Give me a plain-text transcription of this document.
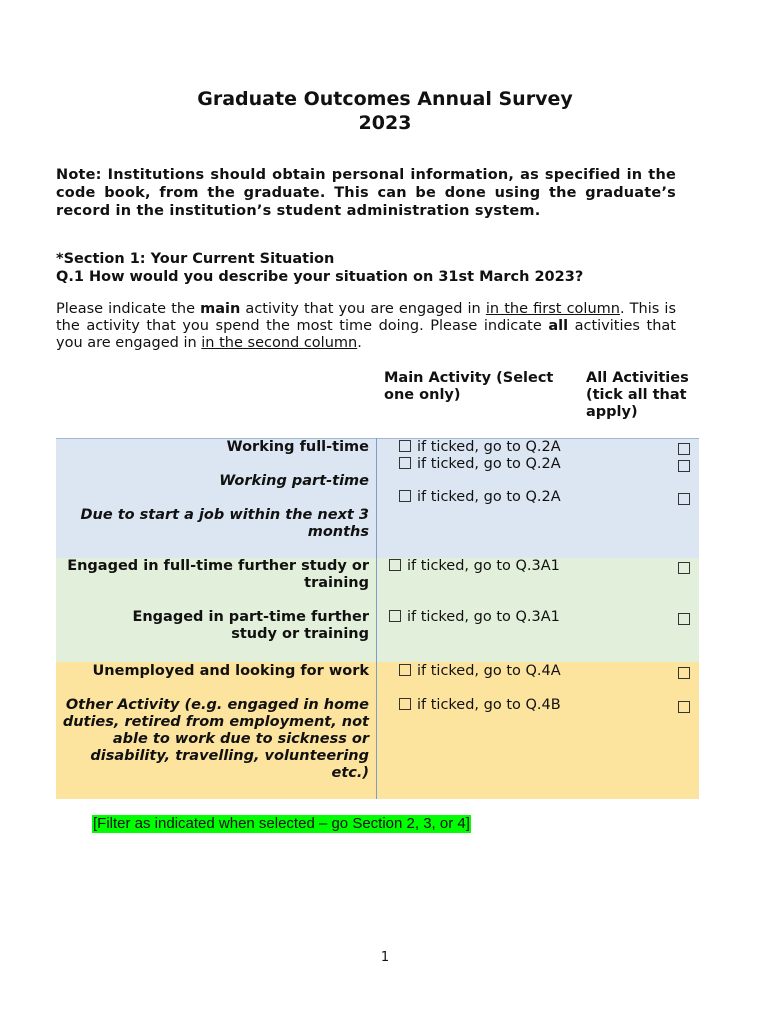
Graduate Outcomes Annual Survey
2023
Note: Institutions should obtain personal information, as specified in the code book, from the graduate. This can be done using the graduate’s record in the institution’s student administration system.
*Section 1: Your Current Situation
Q.1 How would you describe your situation on 31st March 2023?
Please indicate the main activity that you are engaged in in the first column. This is the activity that you spend the most time doing. Please indicate all activities that you are engaged in in the second column.
Main Activity (Select one only)
All Activities (tick all that apply)
Working full-time
Working part-time
Due to start a job within the next 3 months
Engaged in full-time further study or training
Engaged in part-time further study or training
Unemployed and looking for work
Other Activity (e.g. engaged in home duties, retired from employment, not able to work due to sickness or disability, travelling, volunteering etc.)
if ticked, go to Q.2A
if ticked, go to Q.2A
if ticked, go to Q.2A
if ticked, go to Q.3A1
if ticked, go to Q.3A1
if ticked, go to Q.4A
if ticked, go to Q.4B
[Filter as indicated when selected – go Section 2, 3, or 4]
1
